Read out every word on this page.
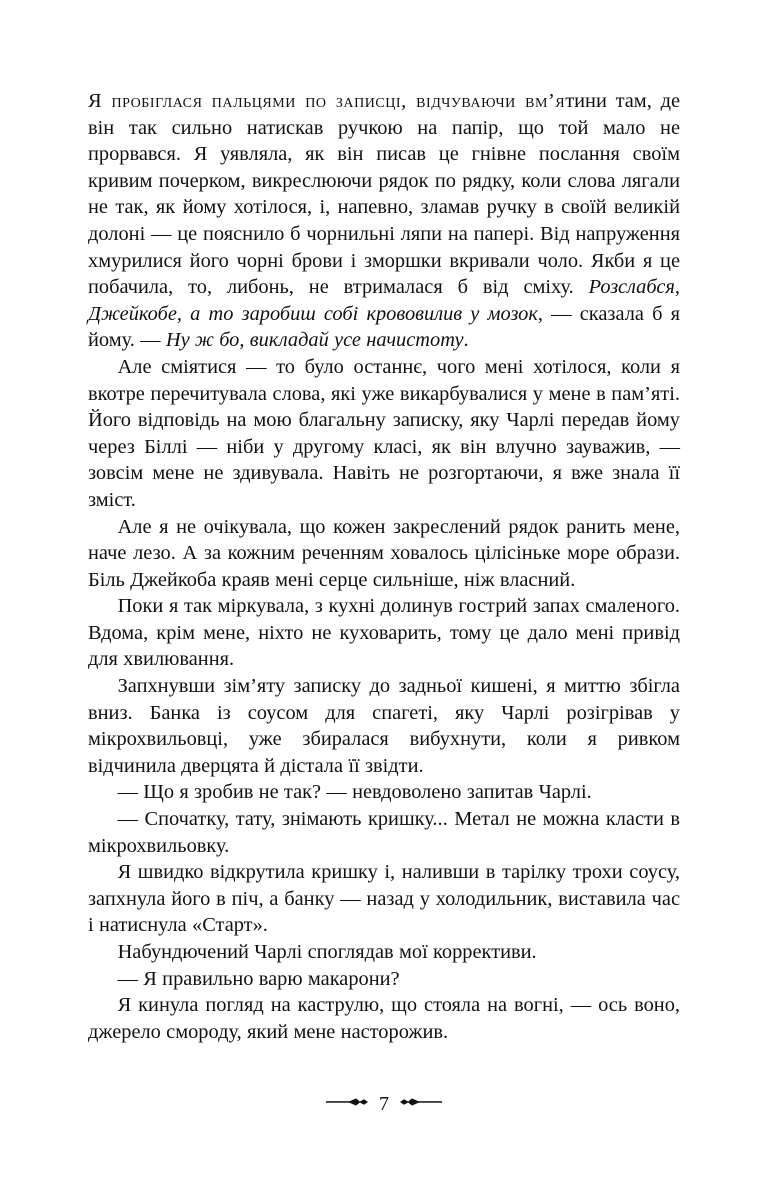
Я пробіглася пальцями по записці, відчуваючи вм’ятини там, де він так сильно натискав ручкою на папір, що той мало не прорвався. Я уявляла, як він писав це гнівне послання своїм кривим почерком, викреслюючи рядок по рядку, коли слова лягали не так, як йому хотілося, і, напевно, зламав ручку в своїй великій долоні — це пояснило б чорнильні ляпи на папері. Від напруження хмурилися його чорні брови і зморшки вкривали чоло. Якби я це побачила, то, либонь, не втрималася б від сміху. Розслабся, Джейкобе, а то заробиш собі крововилив у мозок, — сказала б я йому. — Ну ж бо, викладай усе начистоту.

Але сміятися — то було останнє, чого мені хотілося, коли я вкотре перечитувала слова, які уже викарбувалися у мене в пам’яті. Його відповідь на мою благальну записку, яку Чарлі передав йому через Біллі — ніби у другому класі, як він влучно зауважив, — зовсім мене не здивувала. Навіть не розгортаючи, я вже знала її зміст.

Але я не очікувала, що кожен закреслений рядок ранить мене, наче лезо. А за кожним реченням ховалось цілісіньке море образи. Біль Джейкоба краяв мені серце сильніше, ніж власний.

Поки я так міркувала, з кухні долинув гострий запах смаленого. Вдома, крім мене, ніхто не куховарить, тому це дало мені привід для хвилювання.

Запхнувши зім’яту записку до задньої кишені, я миттю збігла вниз. Банка із соусом для спагеті, яку Чарлі розігрівав у мікрохвильовці, уже збиралася вибухнути, коли я ривком відчинила дверцята й дістала її звідти.

— Що я зробив не так? — невдоволено запитав Чарлі.

— Спочатку, тату, знімають кришку... Метал не можна класти в мікрохвильовку.

Я швидко відкрутила кришку і, наливши в тарілку трохи соусу, запхнула його в піч, а банку — назад у холодильник, виставила час і натиснула «Старт».

Набундючений Чарлі споглядав мої коррективи.

— Я правильно варю макарони?

Я кинула погляд на каструлю, що стояла на вогні, — ось воно, джерело смороду, який мене насторожив.

7
